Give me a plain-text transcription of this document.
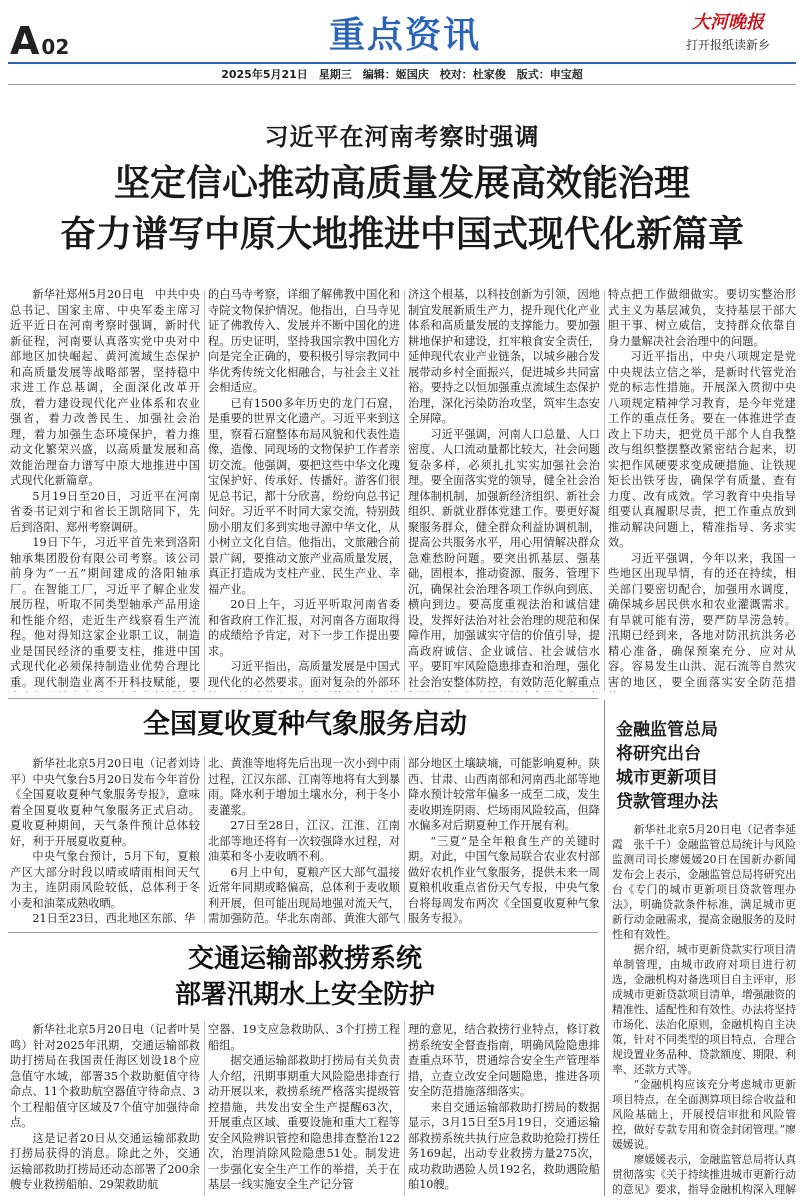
A 02	重点资讯	大河晚报
打开报纸读新乡
2025年5月21日　星期三　编辑：姬国庆　校对：杜家俊　版式：申宝超
习近平在河南考察时强调
坚定信心推动高质量发展高效能治理
奋力谱写中原大地推进中国式现代化新篇章

新华社郑州5月20日电　中共中央总书记、国家主席、中央军委主席习近平近日在河南考察时强调，新时代新征程，河南要认真落实党中央对中部地区加快崛起、黄河流域生态保护和高质量发展等战略部署，坚持稳中求进工作总基调，全面深化改革开放，着力建设现代化产业体系和农业强省，着力改善民生、加强社会治理，着力加强生态环境保护，着力推动文化繁荣兴盛，以高质量发展和高效能治理奋力谱写中原大地推进中国式现代化新篇章。

5月19日至20日，习近平在河南省委书记刘宁和省长王凯陪同下，先后到洛阳、郑州考察调研。

19日下午，习近平首先来到洛阳轴承集团股份有限公司考察。该公司前身为“一五”期间建成的洛阳轴承厂。在智能工厂，习近平了解企业发展历程，听取不同类型轴承产品用途和性能介绍，走近生产线察看生产流程。他对得知这家企业职工议，制造业是国民经济的重要支柱，推进中国式现代化必须保持制造业优势合理比重。现代制造业离不开科技赋能，要

的白马寺考察，详细了解佛教中国化和寺院文物保护情况。他指出，白马寺见证了佛教传入、发展并不断中国化的进程。历史证明，坚持我国宗教中国化方向是完全正确的，要积极引导宗教同中华优秀传统文化相融合，与社会主义社会相适应。

已有1500多年历史的龙门石窟，是重要的世界文化遗产。习近平来到这里，察看石窟整体布局风貌和代表性造像，造像、同现场的文物保护工作者亲切交流。他强调，要把这些中华文化瑰宝保护好、传承好、传播好。游客们很见总书记，都十分欣喜，纷纷向总书记问好。习近平不时同大家交流，特别鼓励小朋友们多到实地寻源中华文化，从小树立文化自信。他指出，文旅融合前景广阔，要推动文旅产业高质量发展，真正打造成为支柱产业、民生产业、幸福产业。

20日上午，习近平听取河南省委和省政府工作汇报，对河南各方面取得的成绩给予肯定，对下一步工作提出要求。

习近平指出，高质量发展是中国式现代化的必然要求。面对复杂的外部环

济这个根基，以科技创新为引领，因地制宜发展新质生产力，提升现代化产业体系和高质量发展的支撑能力。要加强耕地保护和建设，扛牢粮食安全责任，延伸现代农业产业链条，以城乡融合发展带动乡村全面振兴，促进城乡共同富裕。要持之以恒加强重点流域生态保护治理，深化污染防治攻坚，筑牢生态安全屏障。

习近平强调，河南人口总量、人口密度、人口流动量都比较大，社会问题复杂多样，必须扎扎实实加强社会治理。要全面落实党的领导，健全社会治理体制机制，加强新经济组织、新社会组织、新就业群体党建工作。要更好凝聚服务群众，健全群众利益协调机制，提高公共服务水平，用心用情解决群众急难愁盼问题。要突出抓基层、强基础，固根本，推动资源、服务、管理下沉，确保社会治理各项工作纵向到底、横向到边。要高度重视法治和诚信建设，发挥好法治对社会治理的规范和保障作用，加强诚实守信的价值引导，提高政府诚信、企业诚信、社会诚信水平。要盯牢风险隐患排查和治理，强化社会治安整体防控，有效防范化解重点

特点把工作做细做实。要切实整治形式主义为基层减负，支持基层干部大胆干事、树立威信，支持群众依靠自身力量解决社会治理中的问题。

习近平指出，中央八项规定是党中央规法立信之举，是新时代管党治党的标志性措施。开展深入贯彻中央八项规定精神学习教育，是今年党建工作的重点任务。要在一体推进学查改上下功夫，把党员干部个人自我整改与组织整摆整改紧密结合起来，切实把作风硬要求变成硬措施、让铁规矩长出铁牙齿，确保学有质量、查有力度、改有成效。学习教育中央指导组要认真履职尽责，把工作重点放到推动解决问题上，精准指导、务求实效。

习近平强调，今年以来，我国一些地区出现旱情，有的还在持续，相关部门要密切配合，加强用水调度，确保城乡居民供水和农业灌溉需求。有旱就可能有涝，要严防旱涝急转。汛期已经到来，各地对防汛抗洪务必精心准备，确保预案充分、应对从容。容易发生山洪、泥石流等自然灾害的地区，要全面落实安全防范措

全国夏收夏种气象服务启动

新华社北京5月20日电（记者刘诗平）中央气象台5月20日发布今年首份《全国夏收夏种气象服务专报》，意味着全国夏收夏种气象服务正式启动。夏收夏种期间，天气条件预计总体较好，利于开展夏收夏种。

中央气象台预计，5月下旬，夏粮产区大部分时段以晴或晴雨相间天气为主，连阴雨风险较低，总体利于冬小麦和油菜成熟收晒。

21日至23日，西北地区东部、华

北、黄淮等地将先后出现一次小到中雨过程，江汉东部、江南等地将有大到暴雨。降水利于增加土壤水分，利于冬小麦灌浆。

27日至28日，江汉、江淮、江南北部等地还将有一次较强降水过程，对油菜和冬小麦收晒不利。

6月上中旬，夏粮产区大部气温接近常年同期或略偏高，总体利于麦收顺利开展，但可能出现局地强对流天气，需加强防范。华北东南部、黄淮大部气

部分地区土壤缺墒，可能影响夏种。陕西、甘肃、山西南部和河南西北部等地降水预计较常年偏多一成至二成，发生麦收期连阴雨、烂场雨风险较高，但降水偏多对后期夏种工作开展有利。

“三夏”是全年粮食生产的关键时期。对此，中国气象局联合农业农村部做好农机作业气象服务，提供未来一周夏粮机收重点省份天气专报，中央气象台将每周发布两次《全国夏收夏种气象服务专报》。

交通运输部救捞系统
部署汛期水上安全防护

新华社北京5月20日电（记者叶昊鸣）针对2025年汛期，交通运输部救助打捞局在我国责任海区划设18个应急值守水域，部署35个救助艇值守待命点、11个救助航空器值守待命点、3个工程船值守区域及7个值守加强待命点。

这是记者20日从交通运输部救助打捞局获得的消息。除此之外，交通运输部救助打捞局还动态部署了200余艘专业救捞船舶、29架救助航

空器、19支应急救助队、3个打捞工程船组。

据交通运输部救助打捞局有关负责人介绍，汛期事期重大风险隐患排查行动开展以来，救捞系统严格落实提级管控措施，共发出安全生产提醒63次，开展重点区域、重要设施和重大工程等安全风险辨识管控和隐患排查整治122次，治理消除风险隐患51处。制发进一步强化安全生产工作的举措，关于在基层一线实施安全生产记分管

理的意见，结合救捞行业特点，修订救捞系统安全督查指南，明确风险隐患排查重点环节，贯通综合安全生产管理举措，立查立改安全问题隐患，推进各项安全防范措施落细落实。

来自交通运输部救助打捞局的数据显示，3月15日至5月19日，交通运输部救捞系统共执行应急救助抢险打捞任务169起，出动专业救捞力量275次，成功救助遇险人员192名，救助遇险船舶10艘。

金融监管总局
将研究出台
城市更新项目
贷款管理办法

新华社北京5月20日电（记者李延霞　张千千）金融监管总局统计与风险监测司司长廖媛媛20日在国新办新闻发布会上表示，金融监管总局将研究出台《专门的城市更新项目贷款管理办法》，明确贷款条件标准，满足城市更新行动金融需求，提高金融服务的及时性和有效性。

据介绍，城市更新贷款实行项目清单制管理，由城市政府对项目进行初选，金融机构对备选项目自主评审，形成城市更新贷款项目清单，增强融资的精准性、适配性和有效性。办法将坚持市场化、法治化原则，金融机构自主决策，针对不同类型的项目特点，合理合规设置业务品种、贷款额度、期限、利率、还款方式等。

“金融机构应该充分考虑城市更新项目特点，在全面测算项目综合收益和风险基础上，开展授信审批和风险管控，做好专款专用和资金封闭管理。”廖媛媛说。

廖媛媛表示，金融监管总局将认真贯彻落实《关于持续推进城市更新行动的意见》要求，指导金融机构深入理解
